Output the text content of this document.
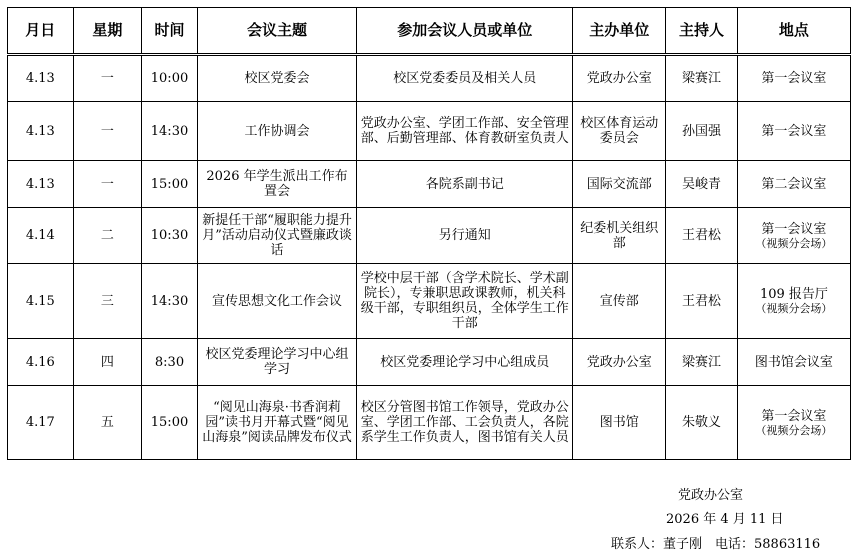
月日	星期	时间	会议主题	参加会议人员或单位	主办单位	主持人	地点
4.13	一	10:00	校区党委会	校区党委委员及相关人员	党政办公室	梁赛江	第一会议室
4.13	一	14:30	工作协调会	党政办公室、学团工作部、安全管理部、后勤管理部、体育教研室负责人	校区体育运动委员会	孙国强	第一会议室
4.13	一	15:00	2026 年学生派出工作布置会	各院系副书记	国际交流部	吴峻青	第二会议室
4.14	二	10:30	新提任干部“履职能力提升月”活动启动仪式暨廉政谈话	另行通知	纪委机关组织部	王君松	第一会议室
（视频分会场）

4.15	三	14:30	宣传思想文化工作会议	学校中层干部（含学术院长、学术副院长），专兼职思政课教师，机关科级干部，专职组织员，全体学生工作干部	宣传部	王君松	109 报告厅
（视频分会场）

4.16	四	8:30	校区党委理论学习中心组学习	校区党委理论学习中心组成员	党政办公室	梁赛江	图书馆会议室
4.17	五	15:00	“阅见山海泉·书香润莉园”读书月开幕式暨“阅见山海泉”阅读品牌发布仪式	校区分管图书馆工作领导，党政办公室、学团工作部、工会负责人，各院系学生工作负责人，图书馆有关人员	图书馆	朱敬义	第一会议室
（视频分会场）
党政办公室
2026 年 4 月 11 日
联系人：董子刚　电话：58863116
